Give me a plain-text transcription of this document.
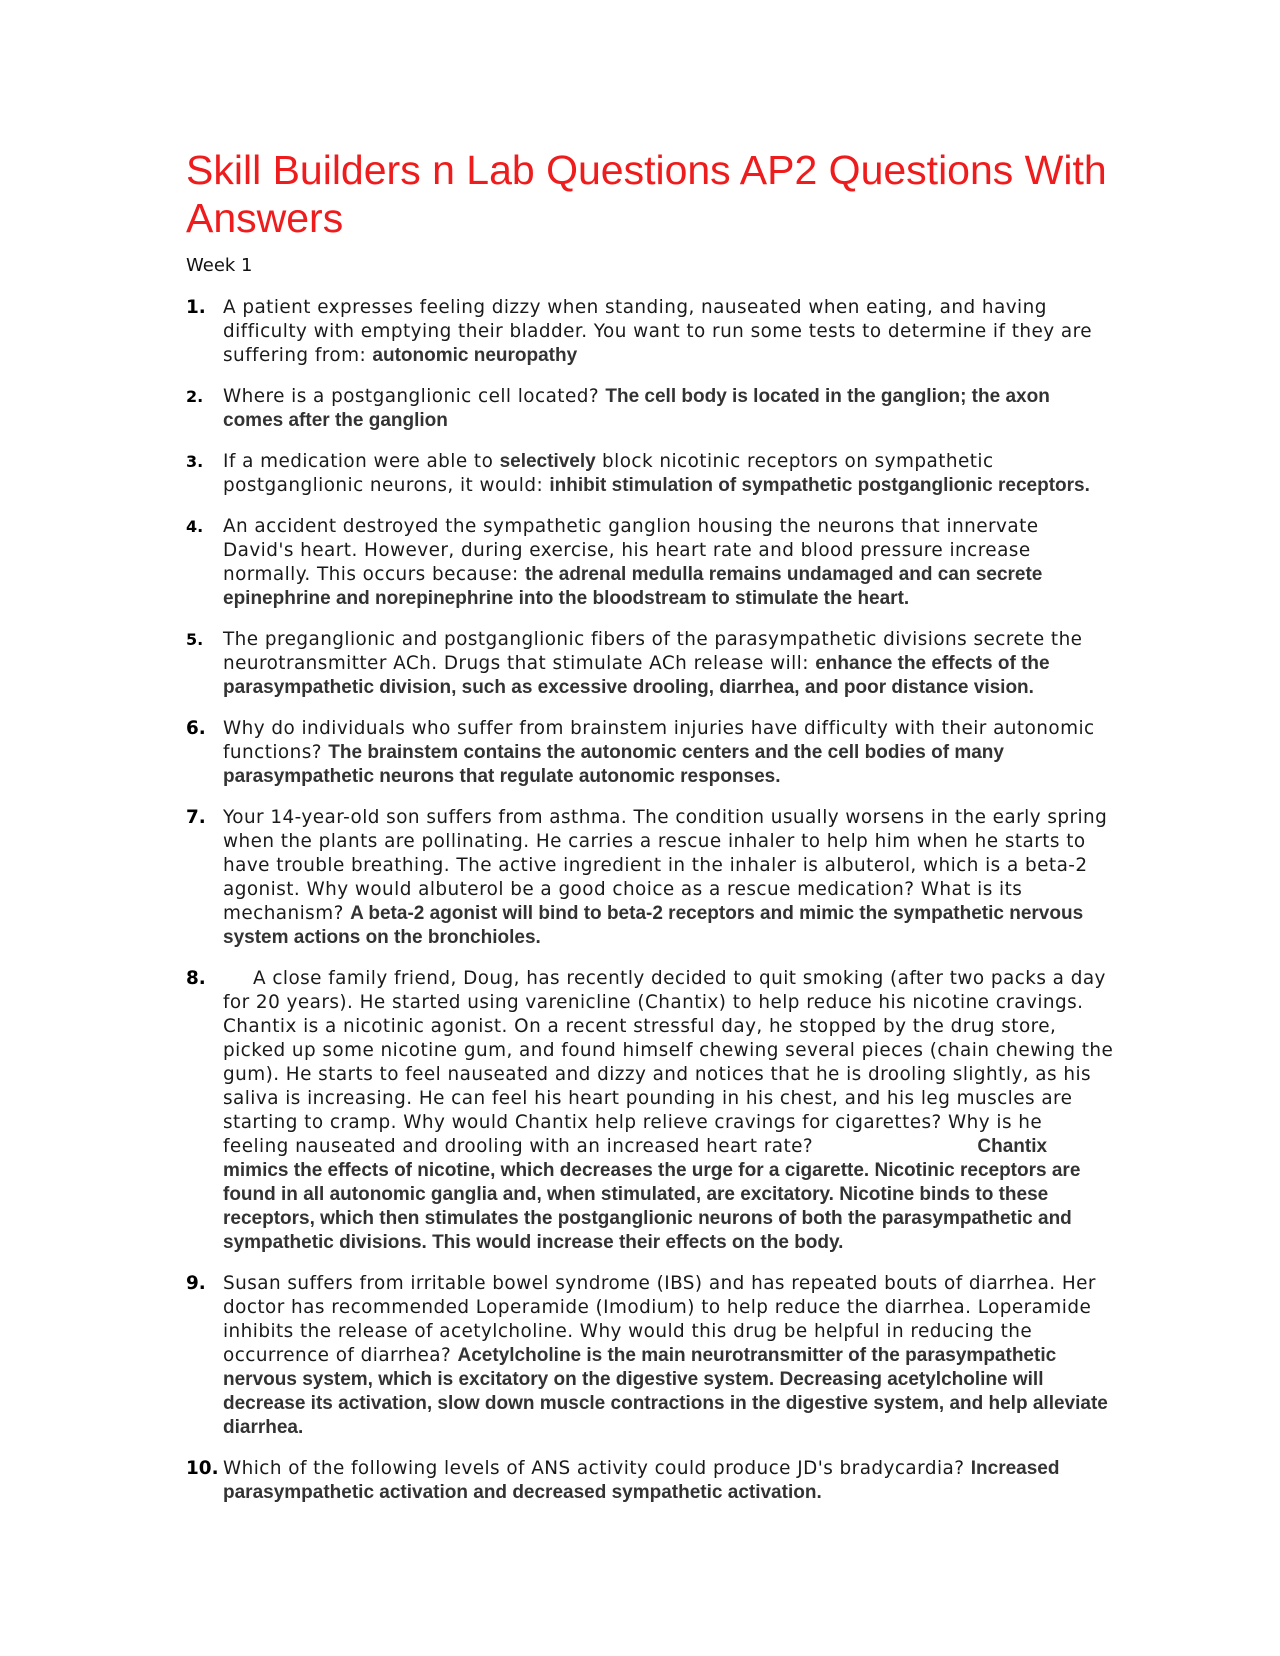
Skill Builders n Lab Questions AP2 Questions With Answers
Week 1
1. A patient expresses feeling dizzy when standing, nauseated when eating, and having difficulty with emptying their bladder. You want to run some tests to determine if they are suffering from: autonomic neuropathy
2. Where is a postganglionic cell located? The cell body is located in the ganglion; the axon comes after the ganglion
3. If a medication were able to selectively block nicotinic receptors on sympathetic postganglionic neurons, it would: inhibit stimulation of sympathetic postganglionic receptors.
4. An accident destroyed the sympathetic ganglion housing the neurons that innervate David's heart. However, during exercise, his heart rate and blood pressure increase normally. This occurs because: the adrenal medulla remains undamaged and can secrete epinephrine and norepinephrine into the bloodstream to stimulate the heart.
5. The preganglionic and postganglionic fibers of the parasympathetic divisions secrete the neurotransmitter ACh. Drugs that stimulate ACh release will: enhance the effects of the parasympathetic division, such as excessive drooling, diarrhea, and poor distance vision.
6. Why do individuals who suffer from brainstem injuries have difficulty with their autonomic functions? The brainstem contains the autonomic centers and the cell bodies of many parasympathetic neurons that regulate autonomic responses.
7. Your 14-year-old son suffers from asthma. The condition usually worsens in the early spring when the plants are pollinating. He carries a rescue inhaler to help him when he starts to have trouble breathing. The active ingredient in the inhaler is albuterol, which is a beta-2 agonist. Why would albuterol be a good choice as a rescue medication? What is its mechanism? A beta-2 agonist will bind to beta-2 receptors and mimic the sympathetic nervous system actions on the bronchioles.
8.	A close family friend, Doug, has recently decided to quit smoking (after two packs a day for 20 years). He started using varenicline (Chantix) to help reduce his nicotine cravings. Chantix is a nicotinic agonist. On a recent stressful day, he stopped by the drug store, picked up some nicotine gum, and found himself chewing several pieces (chain chewing the gum). He starts to feel nauseated and dizzy and notices that he is drooling slightly, as his saliva is increasing. He can feel his heart pounding in his chest, and his leg muscles are starting to cramp. Why would Chantix help relieve cravings for cigarettes? Why is he feeling nauseated and drooling with an increased heart rate?	Chantix mimics the effects of nicotine, which decreases the urge for a cigarette. Nicotinic receptors are found in all autonomic ganglia and, when stimulated, are excitatory. Nicotine binds to these receptors, which then stimulates the postganglionic neurons of both the parasympathetic and sympathetic divisions. This would increase their effects on the body.
9. Susan suffers from irritable bowel syndrome (IBS) and has repeated bouts of diarrhea. Her doctor has recommended Loperamide (Imodium) to help reduce the diarrhea. Loperamide inhibits the release of acetylcholine. Why would this drug be helpful in reducing the occurrence of diarrhea? Acetylcholine is the main neurotransmitter of the parasympathetic nervous system, which is excitatory on the digestive system. Decreasing acetylcholine will decrease its activation, slow down muscle contractions in the digestive system, and help alleviate diarrhea.
10. Which of the following levels of ANS activity could produce JD's bradycardia? Increased parasympathetic activation and decreased sympathetic activation.
